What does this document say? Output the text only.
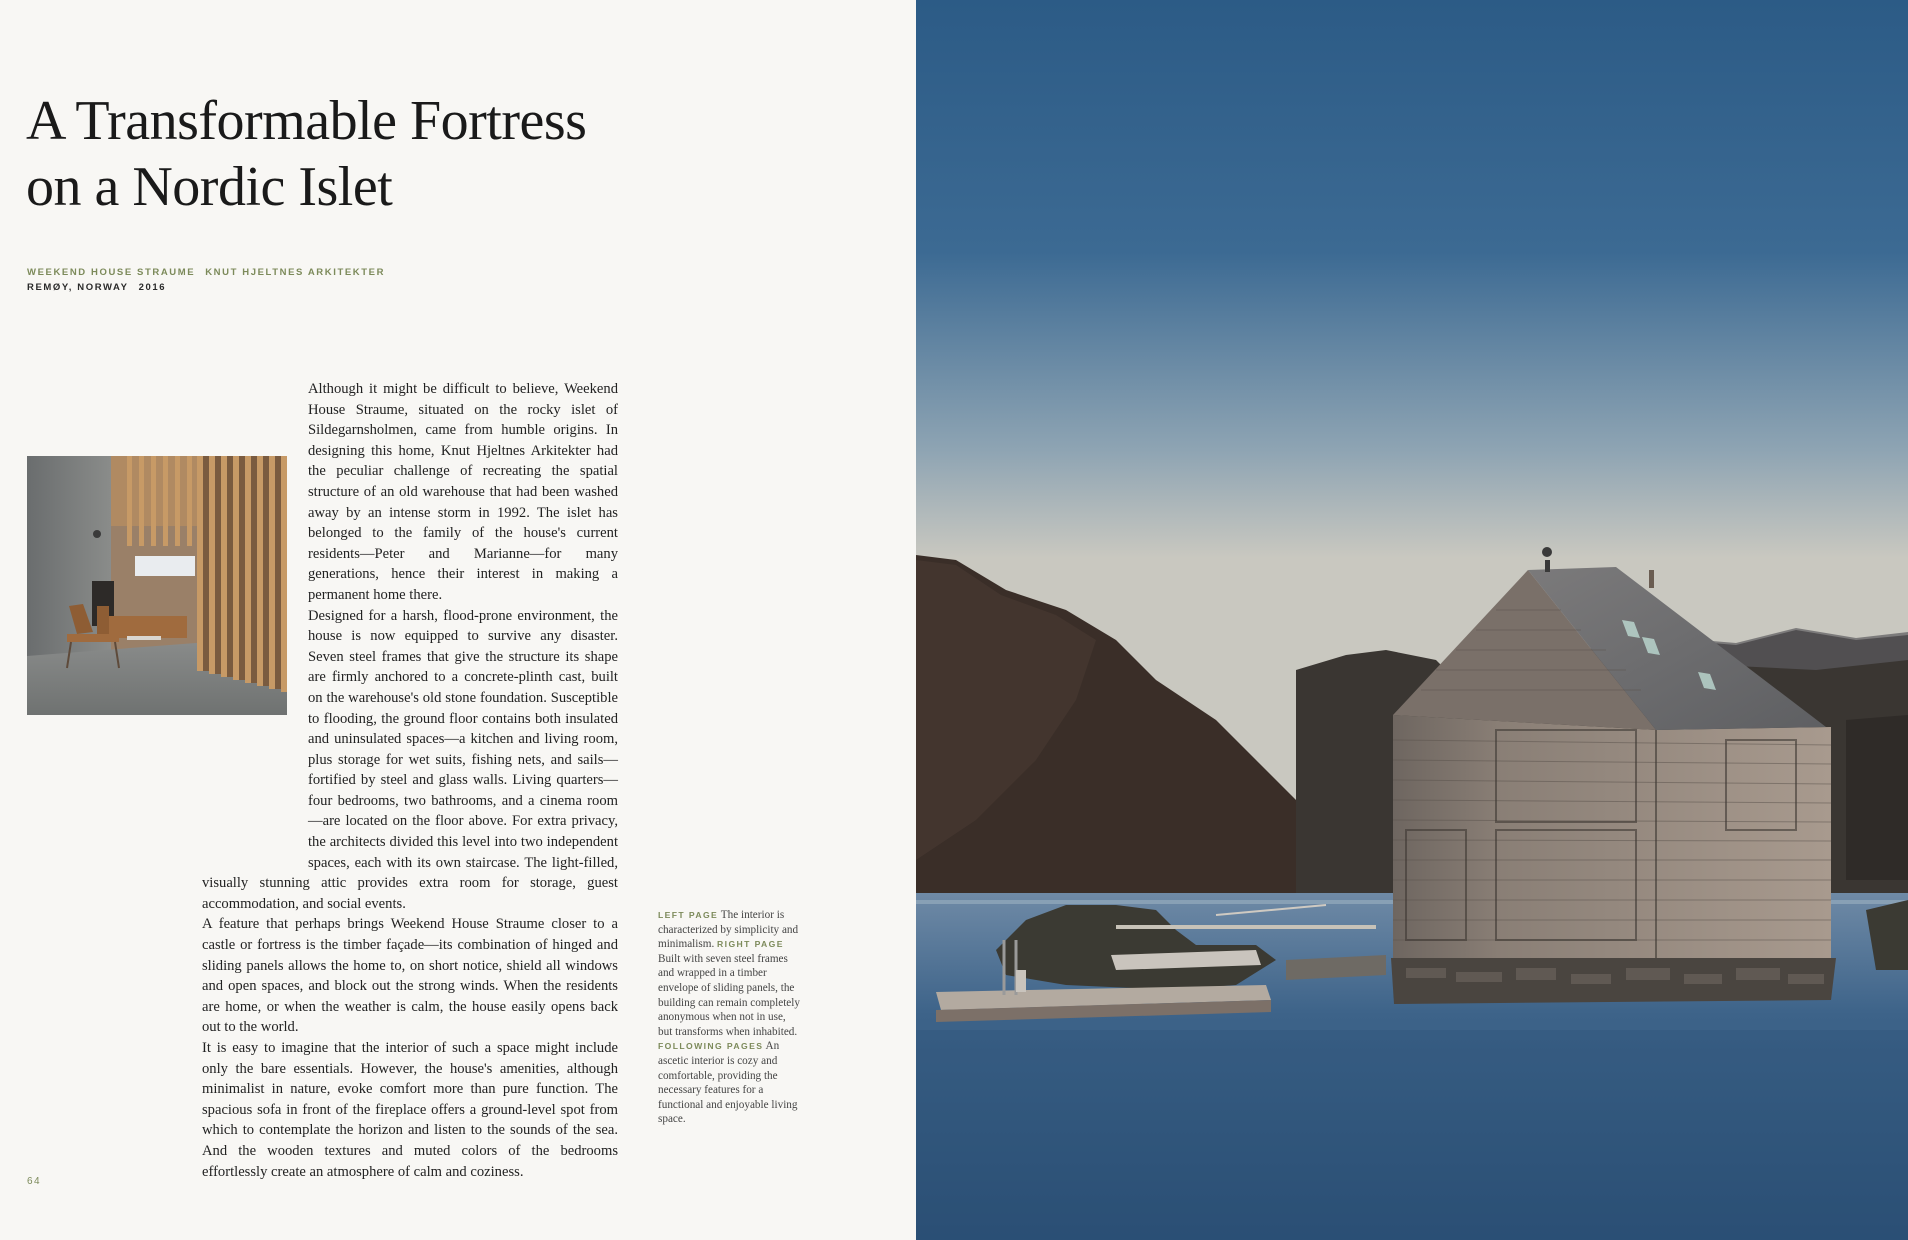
A Transformable Fortress
on a Nordic Islet
WEEKEND HOUSE STRAUME KNUT HJELTNES ARKITEKTER
REMØY, NORWAY 2016

Although it might be difficult to believe, Weekend House Straume, situated on the rocky islet of Sildegarnsholmen, came from humble origins. In designing this home, Knut Hjeltnes Arkitekter had the peculiar challenge of recreating the spatial structure of an old warehouse that had been washed away by an intense storm in 1992. The islet has belonged to the family of the house's current residents—Peter and Marianne—for many generations, hence their interest in making a permanent home there.

Designed for a harsh, flood-prone environment, the house is now equipped to survive any disaster. Seven steel frames that give the structure its shape are firmly anchored to a concrete-plinth cast, built on the warehouse's old stone foundation. Susceptible to flooding, the ground floor contains both insulated and uninsulated spaces—a kitchen and living room, plus storage for wet suits, fishing nets, and sails—fortified by steel and glass walls. Living quarters—four bedrooms, two bathrooms, and a cinema room—are located on the floor above. For extra privacy, the architects divided this level into two independent spaces, each with its own staircase. The light-filled, visually stunning attic provides extra room for storage, guest accommodation, and social events.

A feature that perhaps brings Weekend House Straume closer to a castle or fortress is the timber façade—its combination of hinged and sliding panels allows the home to, on short notice, shield all windows and open spaces, and block out the strong winds. When the residents are home, or when the weather is calm, the house easily opens back out to the world.

It is easy to imagine that the interior of such a space might include only the bare essentials. However, the house's amenities, although minimalist in nature, evoke comfort more than pure function. The spacious sofa in front of the fireplace offers a ground-level spot from which to contemplate the horizon and listen to the sounds of the sea. And the wooden textures and muted colors of the bedrooms effortlessly create an atmosphere of calm and coziness.

LEFT PAGE The interior is characterized by simplicity and minimalism. RIGHT PAGE Built with seven steel frames and wrapped in a timber envelope of sliding panels, the building can remain completely anonymous when not in use, but transforms when inhabited. FOLLOWING PAGES An ascetic interior is cozy and comfortable, providing the necessary features for a functional and enjoyable living space.
64
